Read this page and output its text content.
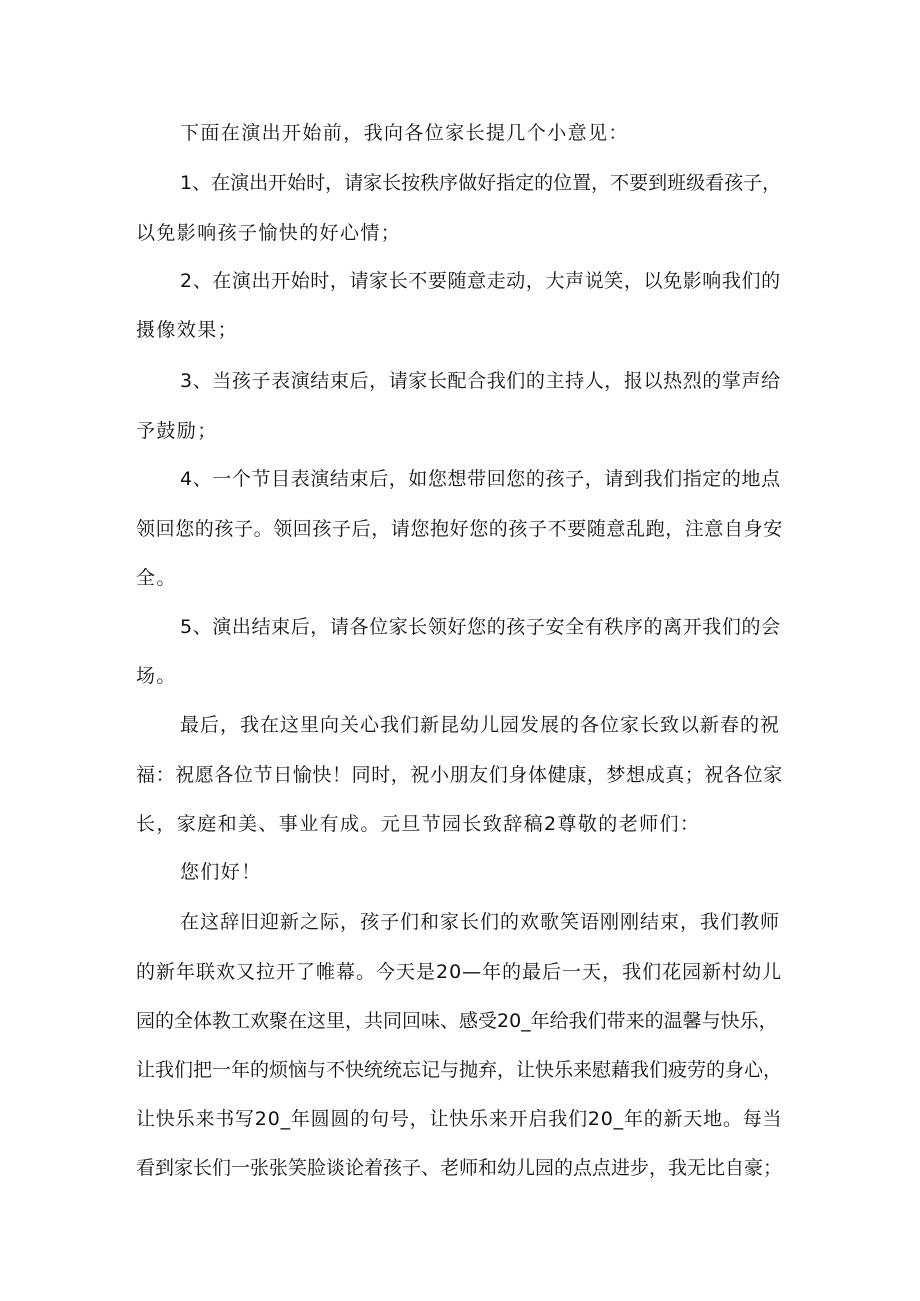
下面在演出开始前，我向各位家长提几个小意见：
1、在演出开始时，请家长按秩序做好指定的位置，不要到班级看孩子，
以免影响孩子愉快的好心情；
2、在演出开始时，请家长不要随意走动，大声说笑，以免影响我们的
摄像效果；
3、当孩子表演结束后，请家长配合我们的主持人，报以热烈的掌声给
予鼓励；
4、一个节目表演结束后，如您想带回您的孩子，请到我们指定的地点
领回您的孩子。领回孩子后，请您抱好您的孩子不要随意乱跑，注意自身安
全。
5、演出结束后，请各位家长领好您的孩子安全有秩序的离开我们的会
场。
最后，我在这里向关心我们新昆幼儿园发展的各位家长致以新春的祝
福：祝愿各位节日愉快！同时，祝小朋友们身体健康，梦想成真；祝各位家
长，家庭和美、事业有成。元旦节园长致辞稿2尊敬的老师们：
您们好！
在这辞旧迎新之际，孩子们和家长们的欢歌笑语刚刚结束，我们教师
的新年联欢又拉开了帷幕。今天是20—年的最后一天，我们花园新村幼儿
园的全体教工欢聚在这里，共同回味、感受20_年给我们带来的温馨与快乐，
让我们把一年的烦恼与不快统统忘记与抛弃，让快乐来慰藉我们疲劳的身心，
让快乐来书写20_年圆圆的句号，让快乐来开启我们20_年的新天地。每当
看到家长们一张张笑脸谈论着孩子、老师和幼儿园的点点进步，我无比自豪；
